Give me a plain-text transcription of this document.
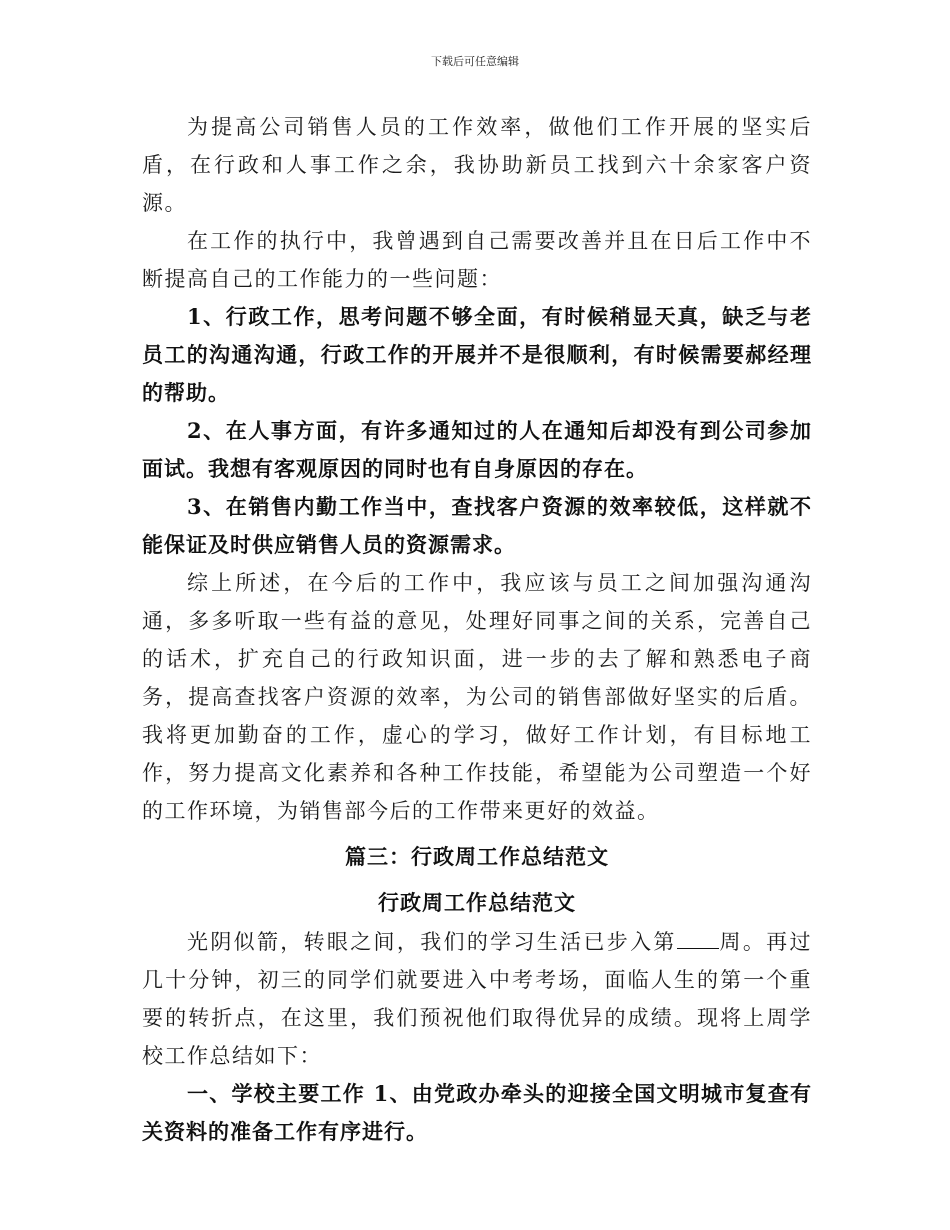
下载后可任意编辑

为提高公司销售人员的工作效率，做他们工作开展的坚实后盾，在行政和人事工作之余，我协助新员工找到六十余家客户资源。

在工作的执行中，我曾遇到自己需要改善并且在日后工作中不断提高自己的工作能力的一些问题：

1、行政工作，思考问题不够全面，有时候稍显天真，缺乏与老员工的沟通沟通，行政工作的开展并不是很顺利，有时候需要郝经理的帮助。

2、在人事方面，有许多通知过的人在通知后却没有到公司参加面试。我想有客观原因的同时也有自身原因的存在。

3、在销售内勤工作当中，查找客户资源的效率较低，这样就不能保证及时供应销售人员的资源需求。

综上所述，在今后的工作中，我应该与员工之间加强沟通沟通，多多听取一些有益的意见，处理好同事之间的关系，完善自己的话术，扩充自己的行政知识面，进一步的去了解和熟悉电子商务，提高查找客户资源的效率，为公司的销售部做好坚实的后盾。我将更加勤奋的工作，虚心的学习，做好工作计划，有目标地工作，努力提高文化素养和各种工作技能，希望能为公司塑造一个好的工作环境，为销售部今后的工作带来更好的效益。

篇三：行政周工作总结范文

行政周工作总结范文

光阴似箭，转眼之间，我们的学习生活已步入第 周。再过几十分钟，初三的同学们就要进入中考考场，面临人生的第一个重要的转折点，在这里，我们预祝他们取得优异的成绩。现将上周学校工作总结如下：

一、学校主要工作 1、由党政办牵头的迎接全国文明城市复查有关资料的准备工作有序进行。
